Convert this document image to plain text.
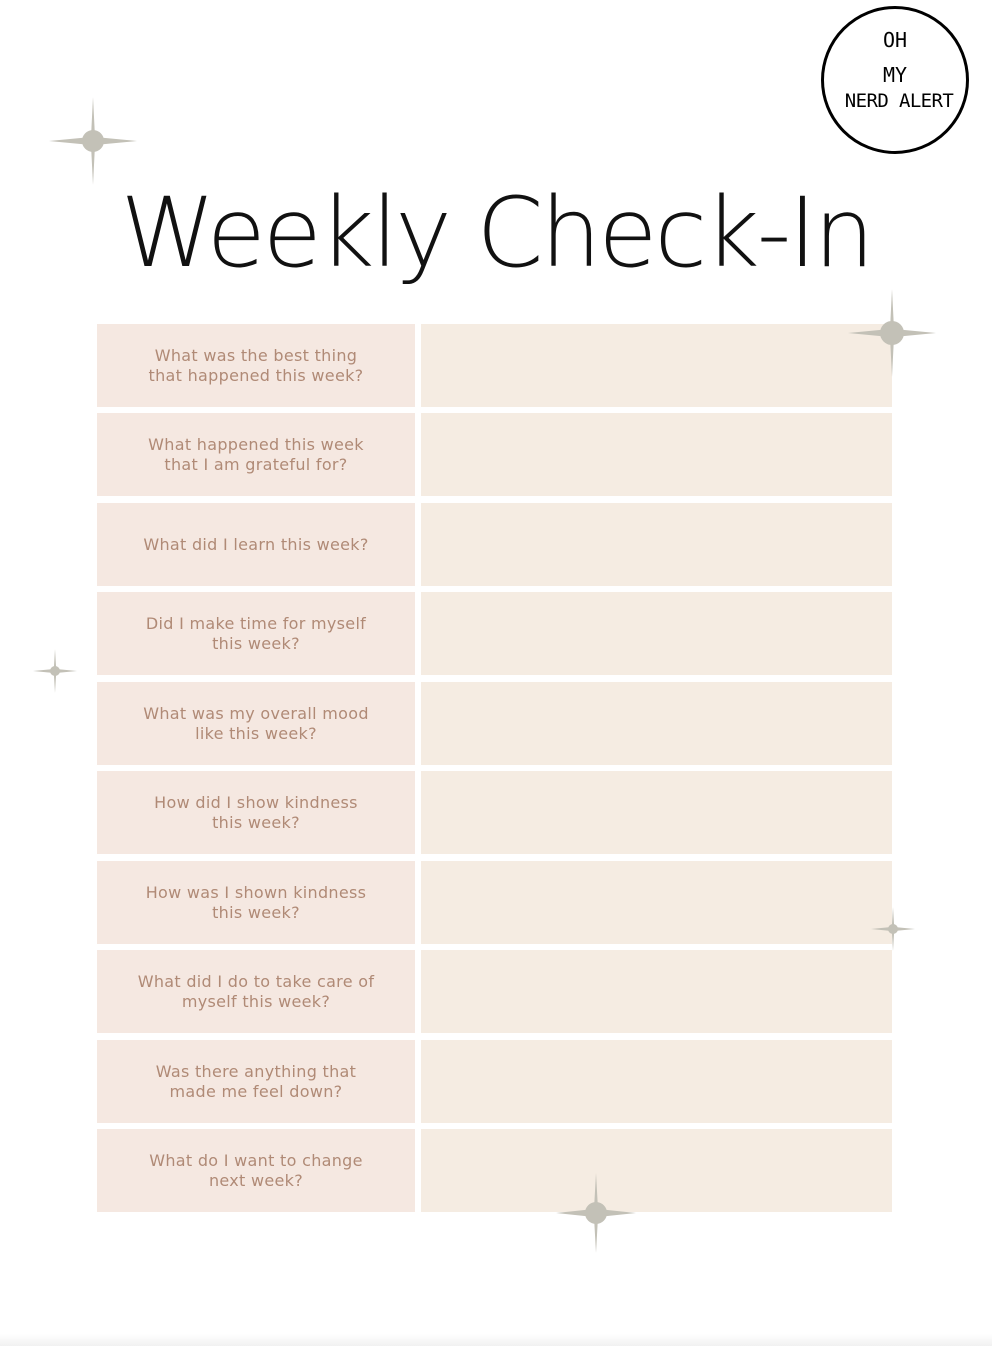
OH
MY
NERD ALERT
Weekly Check-In
What was the best thing that happened this week?
What happened this week that I am grateful for?
What did I learn this week?
Did I make time for myself this week?
What was my overall mood like this week?
How did I show kindness this week?
How was I shown kindness this week?
What did I do to take care of myself this week?
Was there anything that made me feel down?
What do I want to change next week?
